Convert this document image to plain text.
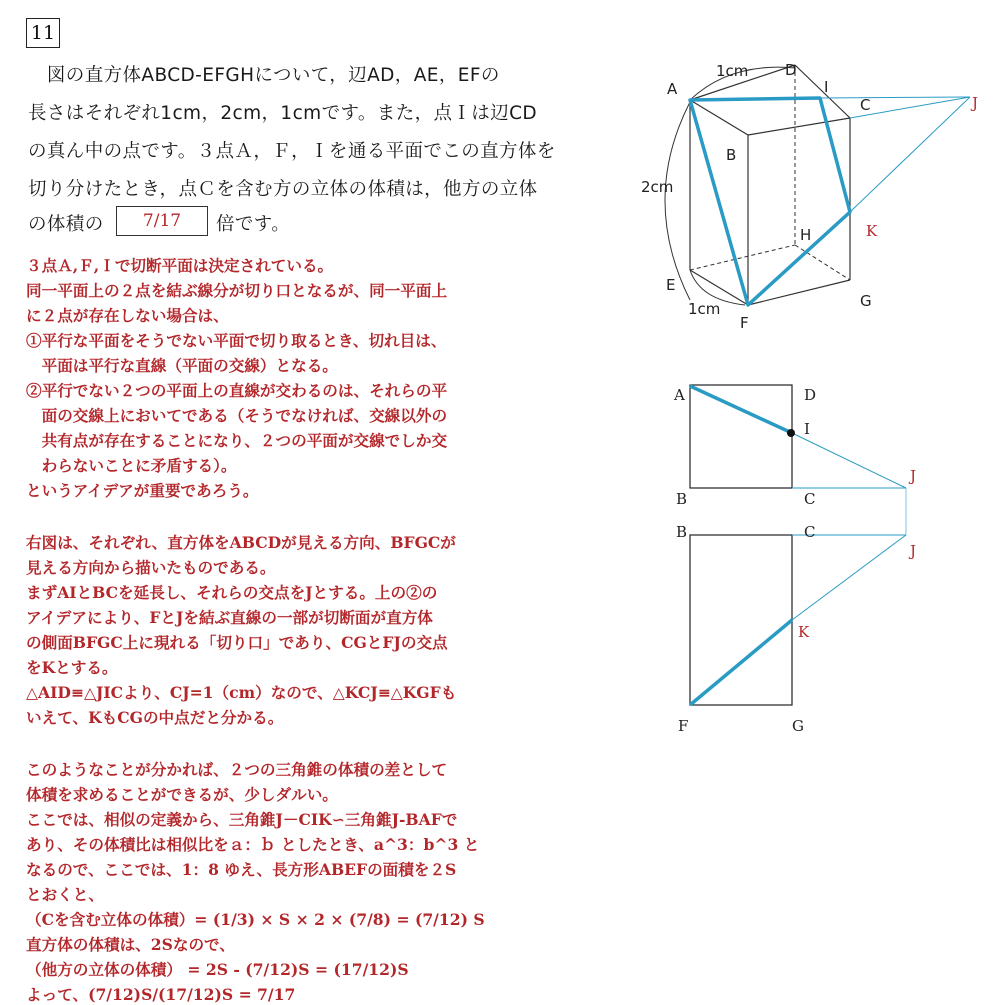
11
　図の直方体ABCD-EFGHについて，辺AD，AE，EFの
長さはそれぞれ1cm，2cm，1cmです。また，点Ｉは辺CD
の真ん中の点です。３点Ａ，Ｆ，Ｉを通る平面でこの直方体を
切り分けたとき，点Ｃを含む方の立体の体積は，他方の立体
の体積の	7/17	倍です。
３点Ａ,Ｆ,Ｉで切断平面は決定されている。
同一平面上の２点を結ぶ線分が切り口となるが、同一平面上
に２点が存在しない場合は、
①平行な平面をそうでない平面で切り取るとき、切れ目は、
　平面は平行な直線（平面の交線）となる。
②平行でない２つの平面上の直線が交わるのは、それらの平
　面の交線上においてである（そうでなければ、交線以外の
　共有点が存在することになり、２つの平面が交線でしか交
　わらないことに矛盾する）。
というアイデアが重要であろう。
右図は、それぞれ、直方体をABCDが見える方向、BFGCが
見える方向から描いたものである。
まずAIとBCを延長し、それらの交点をJとする。上の②の
アイデアにより、FとJを結ぶ直線の一部が切断面が直方体
の側面BFGC上に現れる「切り口」であり、CGとFJの交点
をKとする。
△AID≡△JICより、CJ=1（cm）なので、△KCJ≡△KGFも
いえて、KもCGの中点だと分かる。
このようなことが分かれば、２つの三角錐の体積の差として
体積を求めることができるが、少しダルい。
ここでは、相似の定義から、三角錐J－CIK∽三角錐J-BAFで
あり、その体積比は相似比をａ：ｂ としたとき、a^3：b^3 と
なるので、ここでは、1：8 ゆえ、長方形ABEFの面積を２S
とおくと、
（Cを含む立体の体積）= (1/3) × S × 2 × (7/8) = (7/12) S
直方体の体積は、2Sなので、
（他方の立体の体積） = 2S - (7/12)S = (17/12)S
よって、(7/12)S/(17/12)S = 7/17
A
B
C
D
E
F
G
H
I
J
K
1cm
2cm
1cm
A	D
I
B	C
J
B	C
J
K
F	G
